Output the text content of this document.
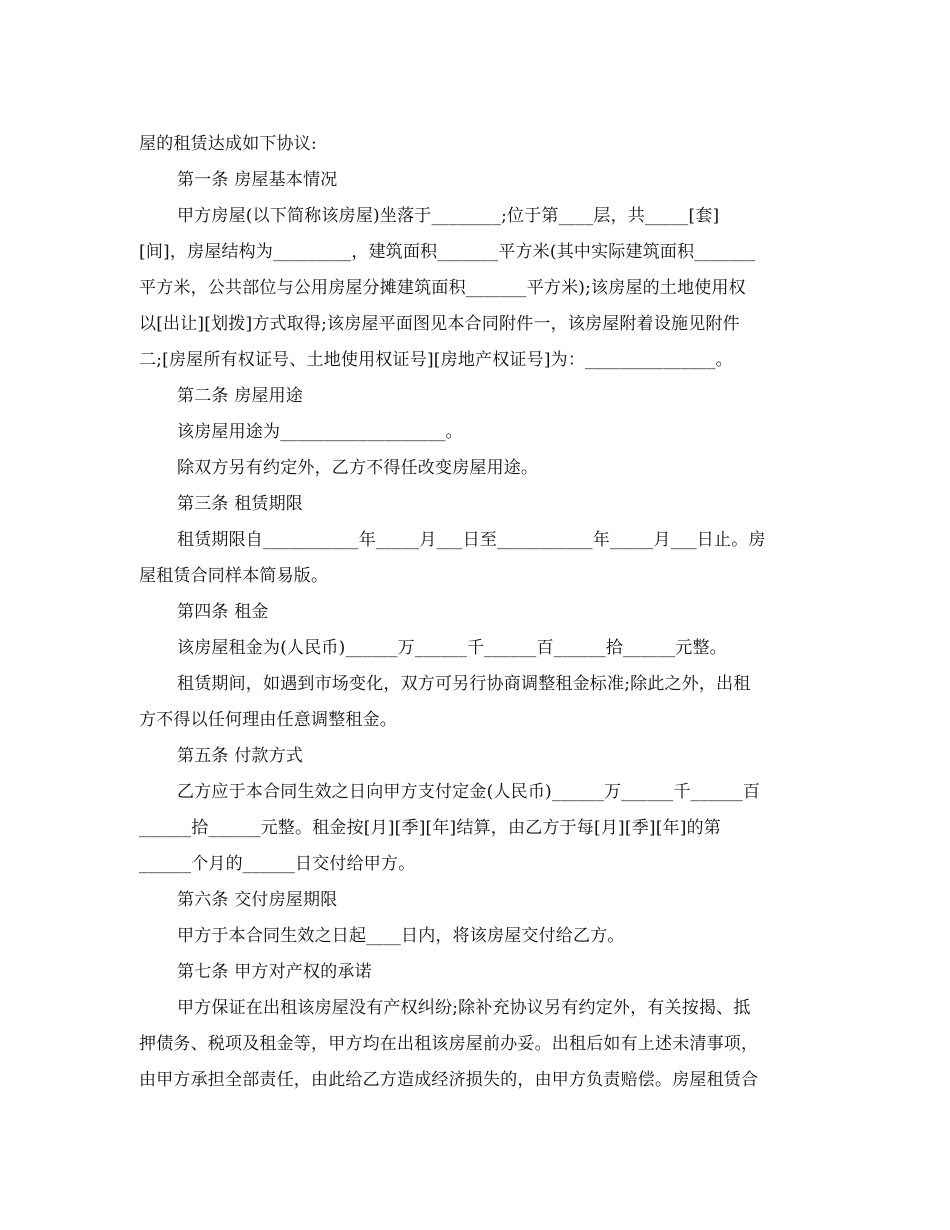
屋的租赁达成如下协议:
第一条 房屋基本情况
甲方房屋(以下简称该房屋)坐落于________;位于第____层，共_____[套]
[间]，房屋结构为_________，建筑面积_______平方米(其中实际建筑面积_______
平方米，公共部位与公用房屋分摊建筑面积_______平方米);该房屋的土地使用权
以[出让][划拨]方式取得;该房屋平面图见本合同附件一，该房屋附着设施见附件
二;[房屋所有权证号、土地使用权证号][房地产权证号]为：_______________。
第二条 房屋用途
该房屋用途为___________________。
除双方另有约定外，乙方不得任改变房屋用途。
第三条 租赁期限
租赁期限自___________年_____月___日至___________年_____月___日止。房
屋租赁合同样本简易版。
第四条 租金
该房屋租金为(人民币)______万______千______百______拾______元整。
租赁期间，如遇到市场变化，双方可另行协商调整租金标准;除此之外，出租
方不得以任何理由任意调整租金。
第五条 付款方式
乙方应于本合同生效之日向甲方支付定金(人民币)______万______千______百
______拾______元整。租金按[月][季][年]结算，由乙方于每[月][季][年]的第
______个月的______日交付给甲方。
第六条 交付房屋期限
甲方于本合同生效之日起____日内，将该房屋交付给乙方。
第七条 甲方对产权的承诺
甲方保证在出租该房屋没有产权纠纷;除补充协议另有约定外，有关按揭、抵
押债务、税项及租金等，甲方均在出租该房屋前办妥。出租后如有上述未清事项，
由甲方承担全部责任，由此给乙方造成经济损失的，由甲方负责赔偿。房屋租赁合
